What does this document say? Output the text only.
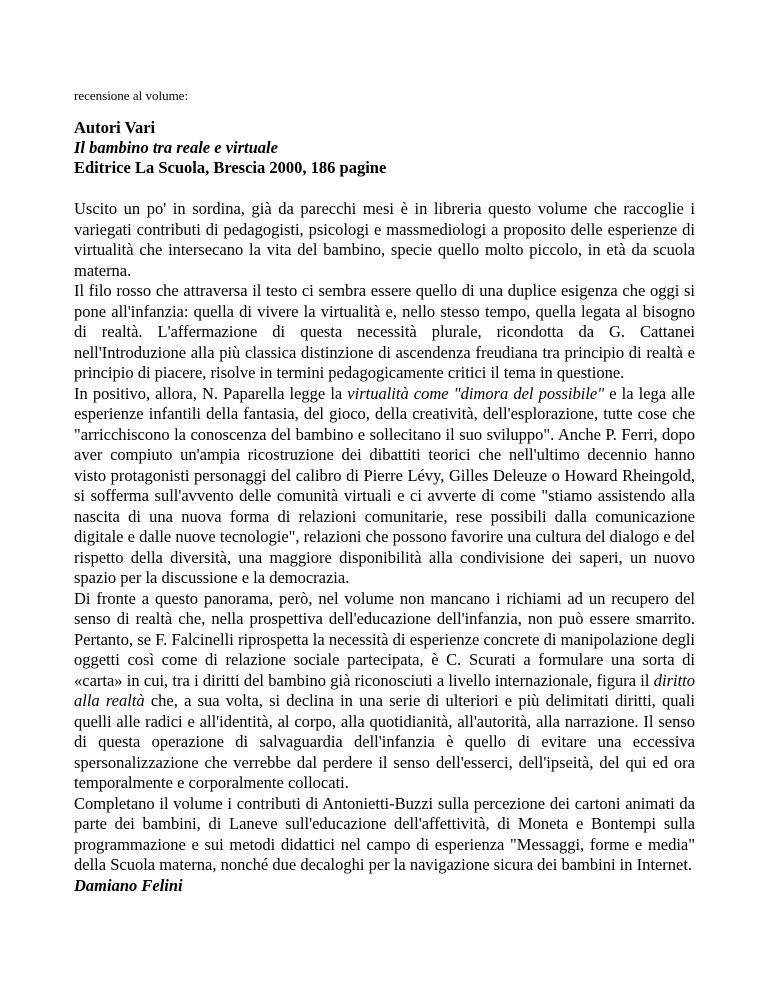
recensione al volume:

Autori Vari
Il bambino tra reale e virtuale
Editrice La Scuola, Brescia 2000, 186 pagine

Uscito un po' in sordina, già da parecchi mesi è in libreria questo volume che raccoglie i variegati contributi di pedagogisti, psicologi e massmediologi a proposito delle esperienze di virtualità che intersecano la vita del bambino, specie quello molto piccolo, in età da scuola materna.

Il filo rosso che attraversa il testo ci sembra essere quello di una duplice esigenza che oggi si pone all'infanzia: quella di vivere la virtualità e, nello stesso tempo, quella legata al bisogno di realtà. L'affermazione di questa necessità plurale, ricondotta da G. Cattanei nell'Introduzione alla più classica distinzione di ascendenza freudiana tra principio di realtà e principio di piacere, risolve in termini pedagogicamente critici il tema in questione.

In positivo, allora, N. Paparella legge la virtualità come "dimora del possibile" e la lega alle esperienze infantili della fantasia, del gioco, della creatività, dell'esplorazione, tutte cose che "arricchiscono la conoscenza del bambino e sollecitano il suo sviluppo". Anche P. Ferri, dopo aver compiuto un'ampia ricostruzione dei dibattiti teorici che nell'ultimo decennio hanno visto protagonisti personaggi del calibro di Pierre Lévy, Gilles Deleuze o Howard Rheingold, si sofferma sull'avvento delle comunità virtuali e ci avverte di come "stiamo assistendo alla nascita di una nuova forma di relazioni comunitarie, rese possibili dalla comunicazione digitale e dalle nuove tecnologie", relazioni che possono favorire una cultura del dialogo e del rispetto della diversità, una maggiore disponibilità alla condivisione dei saperi, un nuovo spazio per la discussione e la democrazia.

Di fronte a questo panorama, però, nel volume non mancano i richiami ad un recupero del senso di realtà che, nella prospettiva dell'educazione dell'infanzia, non può essere smarrito. Pertanto, se F. Falcinelli riprospetta la necessità di esperienze concrete di manipolazione degli oggetti così come di relazione sociale partecipata, è C. Scurati a formulare una sorta di «carta» in cui, tra i diritti del bambino già riconosciuti a livello internazionale, figura il diritto alla realtà che, a sua volta, si declina in una serie di ulteriori e più delimitati diritti, quali quelli alle radici e all'identità, al corpo, alla quotidianità, all'autorità, alla narrazione. Il senso di questa operazione di salvaguardia dell'infanzia è quello di evitare una eccessiva spersonalizzazione che verrebbe dal perdere il senso dell'esserci, dell'ipseità, del qui ed ora temporalmente e corporalmente collocati.

Completano il volume i contributi di Antonietti-Buzzi sulla percezione dei cartoni animati da parte dei bambini, di Laneve sull'educazione dell'affettività, di Moneta e Bontempi sulla programmazione e sui metodi didattici nel campo di esperienza "Messaggi, forme e media" della Scuola materna, nonché due decaloghi per la navigazione sicura dei bambini in Internet.

Damiano Felini
